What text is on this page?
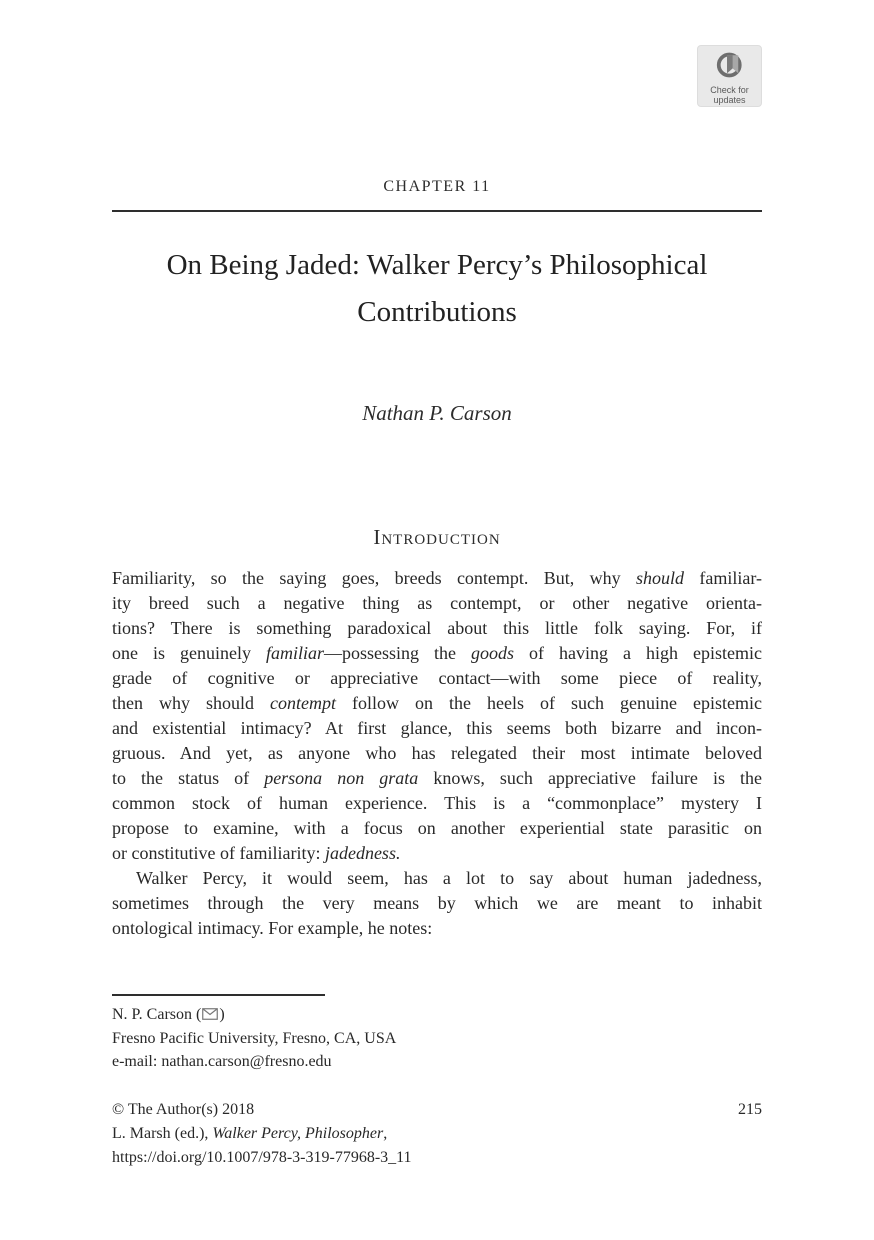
Check for
updates
CHAPTER 11
On Being Jaded: Walker Percy’s Philosophical
Contributions
Nathan P. Carson
Introduction
Familiarity, so the saying goes, breeds contempt. But, why should familiar-
ity breed such a negative thing as contempt, or other negative orienta-
tions? There is something paradoxical about this little folk saying. For, if
one is genuinely familiar—possessing the goods of having a high epistemic
grade of cognitive or appreciative contact—with some piece of reality,
then why should contempt follow on the heels of such genuine epistemic
and existential intimacy? At first glance, this seems both bizarre and incon-
gruous. And yet, as anyone who has relegated their most intimate beloved
to the status of persona non grata knows, such appreciative failure is the
common stock of human experience. This is a “commonplace” mystery I
propose to examine, with a focus on another experiential state parasitic on
or constitutive of familiarity: jadedness.
Walker Percy, it would seem, has a lot to say about human jadedness,
sometimes through the very means by which we are meant to inhabit
ontological intimacy. For example, he notes:
N. P. Carson ( )
Fresno Pacific University, Fresno, CA, USA
e-mail: nathan.carson@fresno.edu
© The Author(s) 2018	215
L. Marsh (ed.), Walker Percy, Philosopher,
https://doi.org/10.1007/978-3-319-77968-3_11
